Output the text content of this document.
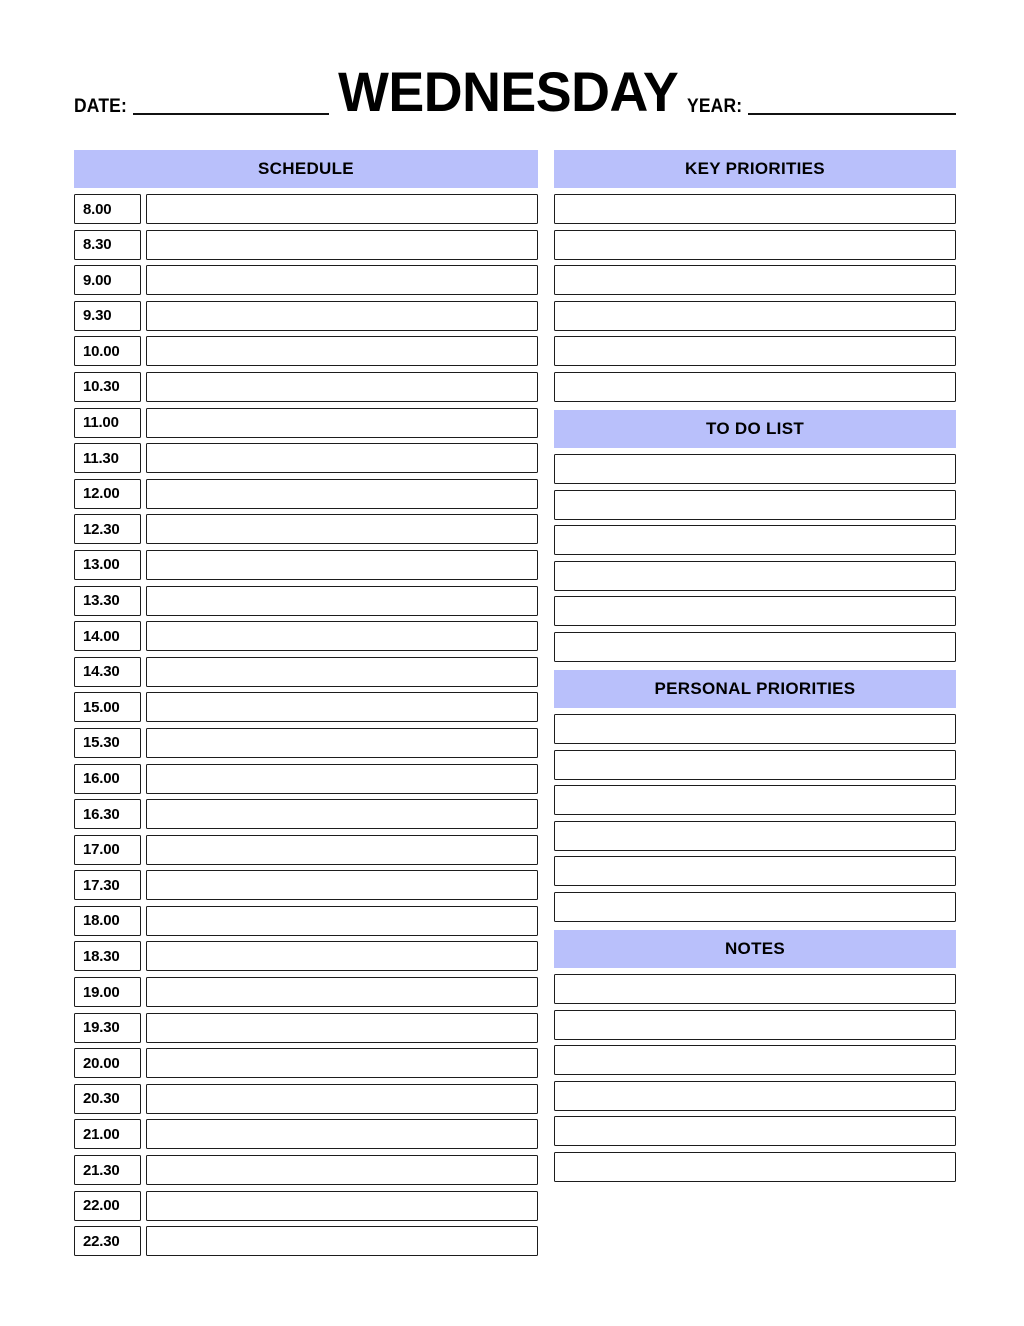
DATE:	WEDNESDAY YEAR:
SCHEDULE
8.00
8.30
9.00
9.30
10.00
10.30
11.00
11.30
12.00
12.30
13.00
13.30
14.00
14.30
15.00
15.30
16.00
16.30
17.00
17.30
18.00
18.30
19.00
19.30
20.00
20.30
21.00
21.30
22.00
22.30
KEY PRIORITIES
TO DO LIST
PERSONAL PRIORITIES
NOTES
